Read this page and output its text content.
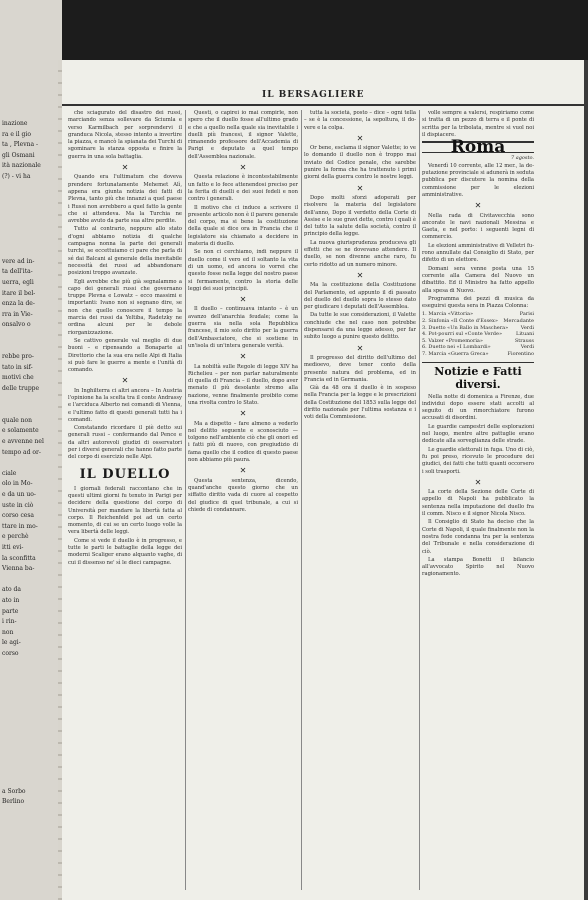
inazione
ra e il gio
ta , Plevna -
gli Osmani
ità nazionale
(?) - vi ha
vere ad in-
ta dell'ita-
uerra, egli
itare il bel-
enza la de-
rra in Vie-
onsalvo o
rebbe pro-
tato in sif-
motivi che
delle truppe
quale non
e solamente
e avvenne nel
tempo ad or-
ciale
olo in Mo-
e da un uo-
uste in ciò
corso cesa
ttare in mo-
e perchè
itti evi-
la sconfitta
Vienna ba-
ato da
ato in
parte
i rin-
non
le agi-
corso
a Sorbo
Berlino
IL BERSAGLIERE

che sciagurato del disastro dei russi, marciando senza sollevare da Sciumla e verso Karmilbach per sorprendervi il granduca Nicola, stesso intento a invertire la piazza, e mancò la spianata dei Turchi di sgominare la stanza opposta e finire la guerra in una sola battaglia.

✕

Quando era l'ultimatum che doveva prendere fortunatamente Mehemet Alì, appena era giunta notizia dei fatti di Plevna, tanto più che innanzi a quel paese i Russi non avrebbero a quel fatto la gente che si attendeva. Ma la Turchia ne avrebbe avuto da parte sua altre perdite.

Tutto al contrario, neppure allo stato d'ogni abbiamo notizia di qualche campagna nonna la parte dei generali turchi, se eccettuiamo ci pare che parla di sé dai Balcani al generale della inevitabile necessità dei russi ad abbandonare posizioni troppo avanzate.

Egli avrebbe che più già segnalammo a capo dei generali russi che governano truppe Plevna e Lowatz – ecco massimi e importanti: Ivano non si segnano dire, se non che quello conoscere il tempo la marcia dei russi da Yeltiba, Radetzky ne ordina alcuni per le debole riorganizzazione.

Se cattivo generale val meglio di due buoni – e ripensando a Bonaparte al Direttorio che la sua era nelle Alpi di Italia si può fare le guerre a mente e l'unità di comando.

✕

In Inghilterra ci altri ancora – In Austria l'opinione ha la scelta tra il conte Andrassy e l'arciduca Alberto nei comandi di Vienna, e l'ultimo fatto di questi generali tutti ha i comandi.

Constatando ricordare il piè detto sui generali russi – confermando dal Pence e da altri autorevoli giudizi di osservatori per i diversi generali che hanno fatto parte del corpo di esercizio nelle Alpi.

IL DUELLO

I giornali federali raccontano che in questi ultimi giorni fu tenuto in Parigi per decidere della questione del corpo di Università per mandare la libertà fatta al corpo. Il Reichenfeld poi ad un certo momento, di cui se un certo luogo volle la vera libertà delle leggi.

Come si vede il duello è in progresso, e tutte le parti le battaglie della legge dei moderni Scaliger erano alquanto vaghe, di cui il dissenso ne' sì le dieci campagne.

Questi, o capirei io mai compirle, non spero che il duello fosse all'ultimo grado e che a quello nella quale sia inevitabile i duelli più francesi, il signor Valette, rimanendo professore dell'Accademia di Parigi e deputato a quel tempo dell'Assemblea nazionale.

✕

Questa relazione è incontestabilmente un fatto e lo fece attenendosi preciso per la ferita di duelli e dei suoi fedeli e non contro i generali.

Il motivo che ci induce a scrivere il presente articolo non è il parere generale del corpo, ma si bene la costituzione della quale si dice ora in Francia che il legislatore sia chiamato a decidere in materia di duello.

Se non ci cerchiamo, indi neppure il duello come il vero ed il soltanto la vita di un uomo, ed ancora io vorrei che questo fosse nella legge del nostro paese si fermamente, contro la storia delle leggi dei suoi principii.

✕

Il duello – continuava intanto – è un avanzo dell'anarchia feudale; come la guerra sia nella sola Repubblica francese, il mio solo diritto per la guerra dell'Ambasciatore, che si sostiene in un'isola di un'intera generale verità.

✕

La nobiltà sulle Regole di legge XIV ha Richelieu – per non parlar naturalmente di quella di Francia – il duello, dopo aver menato il più desolante stremo alla nazione, venne finalmente proibito come una rivolta contro lo Stato.

✕

Ma a dispetto – fare almeno a vederlo nel delitto seguente e sconosciuto — tolgono nell'ambiente ciò che gli onori ed i fatti più di nuovo, con pregiudizio di fama quello che il codice di questo paese non abbiamo più paura.

✕

Questa sentenza, dicendo, quand'anche questo giorno che un siffatto diritto vada di cuore al cospetto del giudice di quel tribunale, a cui si chiede di condannare.

tutta la società, posto – dice – ogni tella – se è la concessione, la sepoltura, il dovere e la colpa.

✕

Or bene, esclama il signor Valette; io ve lo domando il duello non è troppo mai inviato del Codice penale, che sarebbe punire la forma che ha trattenuto i primi giorni della guerra contro le nostre leggi.

✕

Dopo molti sforzi adoperati per risolvere la materia del legislatore dell'anno, Dopo il verdetto della Corte di Assise e le sue gravi dette, contro i quali è del tutto la salute della società, contro il principio della legge.

La nuova giurisprudenza produceva gli effetti che se ne dovevano attendere. Il duello, se non divenne anche raro, fu certo ridotto ad un numero minore.

✕

Ma la costituzione della Costituzione del Parlamento, ed appunto il dì passato del duello del duello sopra lo stesso dato per giudicare i deputati dell'Assemblea.

Da tutte le sue considerazioni, il Valette conchiude che nel caso non potrebbe dispensarsi da una legge adesso, per far subito luogo a punire questo delitto.

✕

Il progresso del diritto dell'ultimo del medioevo, deve tener conto della presente natura del problema, ed in Francia ed in Germania.

Già da 48 ora il duello è in sospeso nella Francia per la legge e le prescrizioni della Costituzione del 1853 sulla legge del diritto nazionale per l'ultima sostanza e i voti della Commissione.

volle sempre a valersi, respiriamo come si tratta di un pezzo di terra e il ponte di scritta per la tribolata, mentre si vuol noi il dispiacere.

Roma
7 agosto.

Venerdì 10 corrente, alle 12 mer., la deputazione provinciale si adunerà in seduta pubblica per discutere la nomina della commissione per le elezioni amministrative.

✕

Nella rada di Civitavecchia sono ancorate le navi nazionali Messina e Gaeta, e nel porto: i seguenti legni di commercio.

Le elezioni amministrative di Velletri furono annullate dal Consiglio di Stato, per difetto di un elettore.

Domani sera venne posta una 15 corrente alla Camera del Nuovo un dibattito. Ed il Ministro ha fatto appello alla spesa di Nuovo.

Programma dei pezzi di musica da eseguirsi questa sera in Piazza Colonna:

1. Marcia «Vittoria»	Parisi
2. Sinfonia «Il Conte d'Essex» Mercadante
3. Duetto «Un Ballo in Maschera»	Verdi
4. Pot-pourri sul «Conte Verde»	Lituani
5. Valzer «Promemoria»	Strauss
6. Duetto nei «I Lombardi»	Verdi
7. Marcia «Guerra Greca»	Fiorentino
Notizie e Fatti diversi.

Nella notte di domenica a Firenze, due individui dopo essere stati accolti al seguito di un rimorchiatore furono accusati di disordini.

Le guardie campestri delle esplorazioni nel luogo, mentre altre pattuglie erano dedicate alla sorveglianza delle strade.

Le guardie elettorali in fuga. Uno di ciò, fu poi preso, ricevuto le procedure dei giudici, dei fatti che tutti quanti occorsero i soli trasporti.

✕

La corte della Sezione delle Corte di appello di Napoli ha pubblicato la sentenza nella imputazione del duello fra il comm. Nisco e il signor Nicola Nisco.

Il Consiglio di Stato ha deciso che la Corte di Napoli, il quale finalmente non la nostra fede condanna tra per la sentenza del Tribunale e nella considerazione di ciò.

La stampa Bonetti il bilancio all'avvocato Spirito nel Nuovo ragionamento.
